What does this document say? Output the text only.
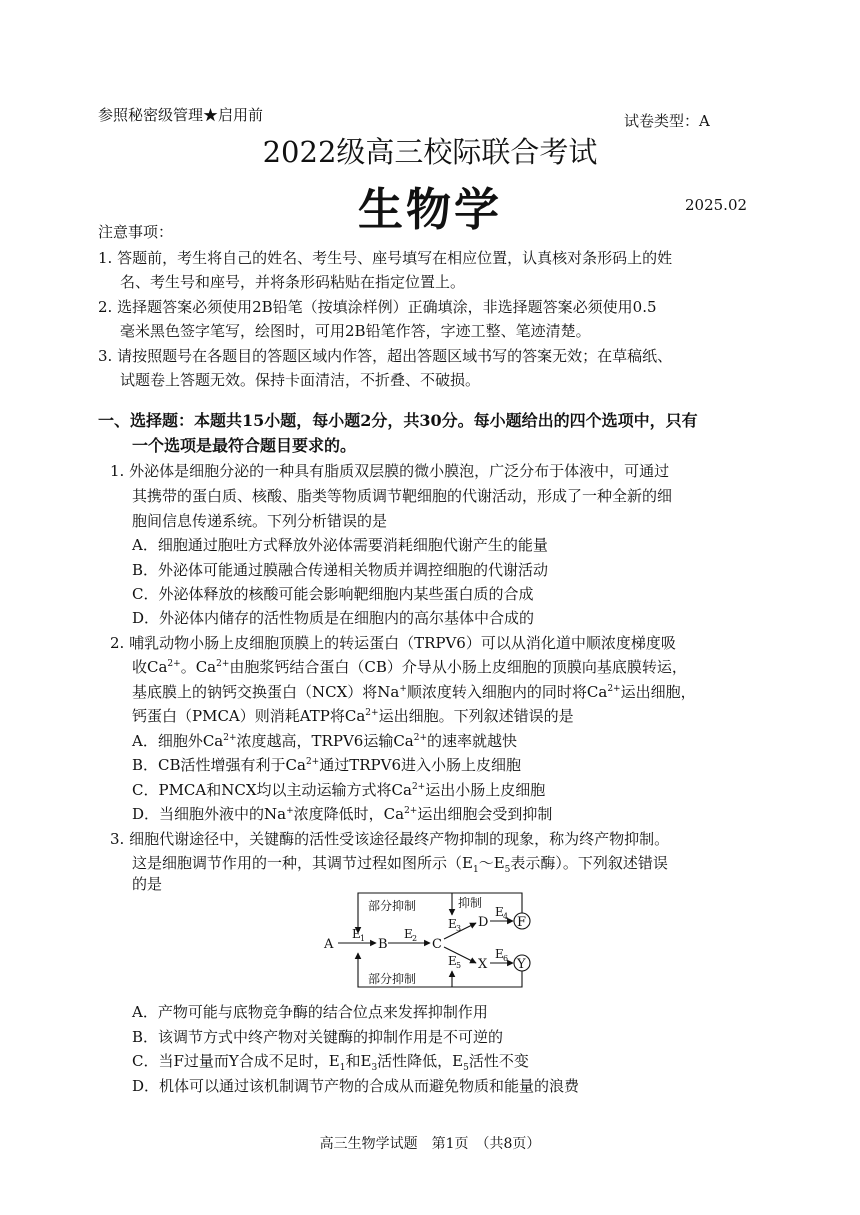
参照秘密级管理★启用前	试卷类型：A
2022级高三校际联合考试
生物学	2025.02
注意事项：
1. 答题前，考生将自己的姓名、考生号、座号填写在相应位置，认真核对条形码上的姓
名、考生号和座号，并将条形码粘贴在指定位置上。
2. 选择题答案必须使用2B铅笔（按填涂样例）正确填涂，非选择题答案必须使用0.5
毫米黑色签字笔写，绘图时，可用2B铅笔作答，字迹工整、笔迹清楚。
3. 请按照题号在各题目的答题区域内作答，超出答题区域书写的答案无效；在草稿纸、
试题卷上答题无效。保持卡面清洁，不折叠、不破损。
一、选择题：本题共15小题，每小题2分，共30分。每小题给出的四个选项中，只有
一个选项是最符合题目要求的。
1. 外泌体是细胞分泌的一种具有脂质双层膜的微小膜泡，广泛分布于体液中，可通过
其携带的蛋白质、核酸、脂类等物质调节靶细胞的代谢活动，形成了一种全新的细
胞间信息传递系统。下列分析错误的是
A．细胞通过胞吐方式释放外泌体需要消耗细胞代谢产生的能量
B．外泌体可能通过膜融合传递相关物质并调控细胞的代谢活动
C．外泌体释放的核酸可能会影响靶细胞内某些蛋白质的合成
D．外泌体内储存的活性物质是在细胞内的高尔基体中合成的
2. 哺乳动物小肠上皮细胞顶膜上的转运蛋白（TRPV6）可以从消化道中顺浓度梯度吸
收$Ca^{2+}$。$Ca^{2+}$由胞浆钙结合蛋白（CB）介导从小肠上皮细胞的顶膜向基底膜转运，
基底膜上的钠钙交换蛋白（NCX）将Na+顺浓度转入细胞内的同时将$Ca^{2+}$运出细胞，
钙蛋白（PMCA）则消耗ATP将$Ca^{2+}$运出细胞。下列叙述错误的是
A．细胞外$Ca^{2+}$浓度越高，TRPV6运输$Ca^{2+}$的速率就越快
B．CB活性增强有利于$Ca^{2+}$通过TRPV6进入小肠上皮细胞
C．PMCA和NCX均以主动运输方式将$Ca^{2+}$运出小肠上皮细胞
D．当细胞外液中的Na+浓度降低时，$Ca^{2+}$运出细胞会受到抑制
3. 细胞代谢途径中，关键酶的活性受该途径最终产物抑制的现象，称为终产物抑制。
这是细胞调节作用的一种，其调节过程如图所示（$E_1\sim E_5$表示酶）。下列叙述错误
的是
A	B	C
D
X
F
Y
E 1	E 2
E 3
E 4
E 5
E 6
部分抑制	抑制
部分抑制
A．产物可能与底物竞争酶的结合位点来发挥抑制作用
B．该调节方式中终产物对关键酶的抑制作用是不可逆的
C．当F过量而Y合成不足时，$E_1$和$E_3$活性降低，$E_5$活性不变
D．机体可以通过该机制调节产物的合成从而避免物质和能量的浪费
高三生物学试题　第1页　（共8页）
